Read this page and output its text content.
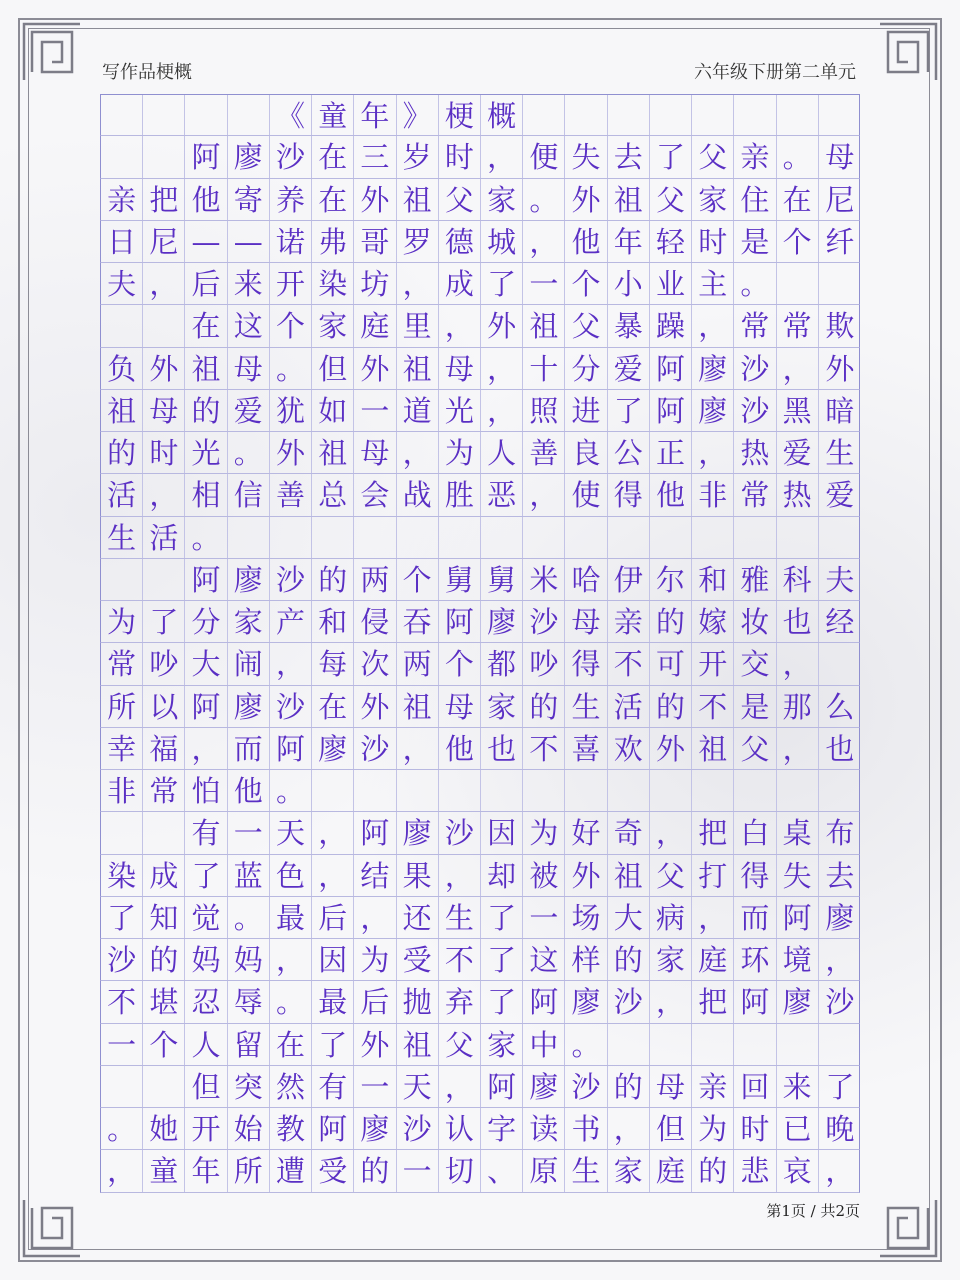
写作品梗概	六年级下册第二单元
《 童 年 》 梗 概
阿 廖 沙 在 三 岁 时 ， 便 失 去 了 父 亲 。 母
亲 把 他 寄 养 在 外 祖 父 家 。 外 祖 父 家 住 在 尼
日 尼 — — 诺 弗 哥 罗 德 城 ， 他 年 轻 时 是 个 纤
夫 ， 后 来 开 染 坊 ， 成 了 一 个 小 业 主 。
在 这 个 家 庭 里 ， 外 祖 父 暴 躁 ， 常 常 欺
负 外 祖 母 。 但 外 祖 母 ， 十 分 爱 阿 廖 沙 ， 外
祖 母 的 爱 犹 如 一 道 光 ， 照 进 了 阿 廖 沙 黑 暗
的 时 光 。 外 祖 母 ， 为 人 善 良 公 正 ， 热 爱 生
活 ， 相 信 善 总 会 战 胜 恶 ， 使 得 他 非 常 热 爱
生 活 。
阿 廖 沙 的 两 个 舅 舅 米 哈 伊 尔 和 雅 科 夫
为 了 分 家 产 和 侵 吞 阿 廖 沙 母 亲 的 嫁 妆 也 经
常 吵 大 闹 ， 每 次 两 个 都 吵 得 不 可 开 交 ，
所 以 阿 廖 沙 在 外 祖 母 家 的 生 活 的 不 是 那 么
幸 福 ， 而 阿 廖 沙 ， 他 也 不 喜 欢 外 祖 父 ， 也
非 常 怕 他 。
有 一 天 ， 阿 廖 沙 因 为 好 奇 ， 把 白 桌 布
染 成 了 蓝 色 ， 结 果 ， 却 被 外 祖 父 打 得 失 去
了 知 觉 。 最 后 ， 还 生 了 一 场 大 病 ， 而 阿 廖
沙 的 妈 妈 ， 因 为 受 不 了 这 样 的 家 庭 环 境 ，
不 堪 忍 辱 。 最 后 抛 弃 了 阿 廖 沙 ， 把 阿 廖 沙
一 个 人 留 在 了 外 祖 父 家 中 。
但 突 然 有 一 天 ， 阿 廖 沙 的 母 亲 回 来 了
。 她 开 始 教 阿 廖 沙 认 字 读 书 ， 但 为 时 已 晚
， 童 年 所 遭 受 的 一 切 、 原 生 家 庭 的 悲 哀 ，
第1页 / 共2页
